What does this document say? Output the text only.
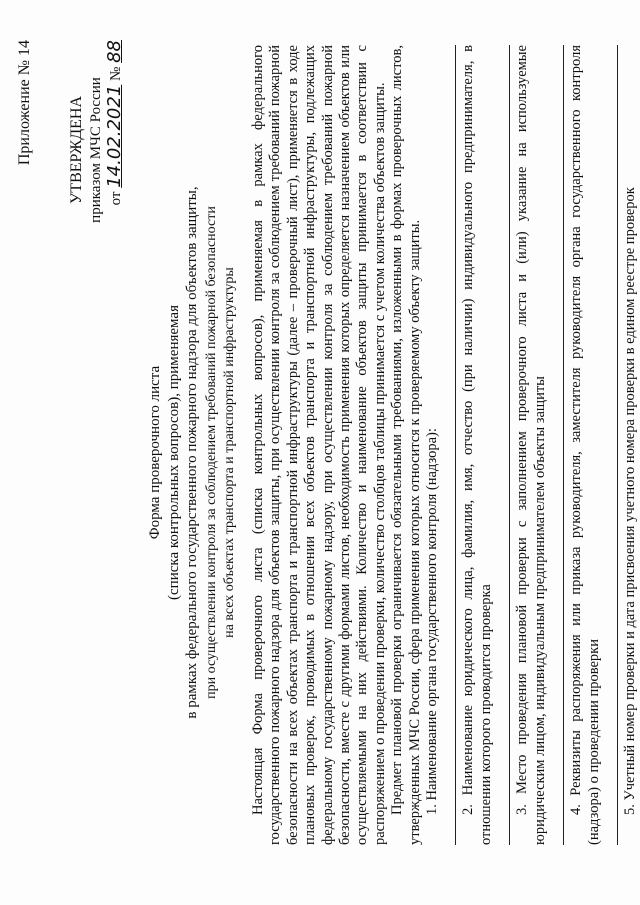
Приложение № 14 УТВЕРЖДЕНА приказом МЧС России от 14.02.2021 № 88
Форма проверочного листа (списка контрольных вопросов), применяемая в рамках федерального государственного пожарного надзора для объектов защиты, при осуществлении контроля за соблюдением требований пожарной безопасности на всех объектах транспорта и транспортной инфраструктуры Настоящая Форма проверочного листа (списка контрольных вопросов), применяемая в рамках федерального государственного пожарного надзора для объектов защиты, при осуществлении контроля за соблюдением требований пожарной безопасности на всех объектах транспорта и транспортной инфраструктуры (далее – проверочный лист), применяется в ходе плановых проверок, проводимых в отношении всех объектов транспорта и транспортной инфраструктуры, подлежащих федеральному государственному пожарному надзору, при осуществлении контроля за соблюдением требований пожарной безопасности, вместе с другими формами листов, необходимость применения которых определяется назначением объектов или осуществляемыми на них действиями. Количество и наименование объектов защиты принимается в соответствии с распоряжением о проведении проверки, количество столбцов таблицы принимается с учетом количества объектов защиты. Предмет плановой проверки ограничивается обязательными требованиями, изложенными в формах проверочных листов, утвержденных МЧС России, сфера применения которых относится к проверяемому объекту защиты. 1. Наименование органа государственного контроля (надзора): 2. Наименование юридического лица, фамилия, имя, отчество (при наличии) индивидуального предпринимателя, в отношении которого проводится проверка 3. Место проведения плановой проверки с заполнением проверочного листа и (или) указание на используемые юридическим лицом, индивидуальным предпринимателем объекты защиты 4. Реквизиты распоряжения или приказа руководителя, заместителя руководителя органа государственного контроля (надзора) о проведении проверки 5. Учетный номер проверки и дата присвоения учетного номера проверки в едином реестре проверок
